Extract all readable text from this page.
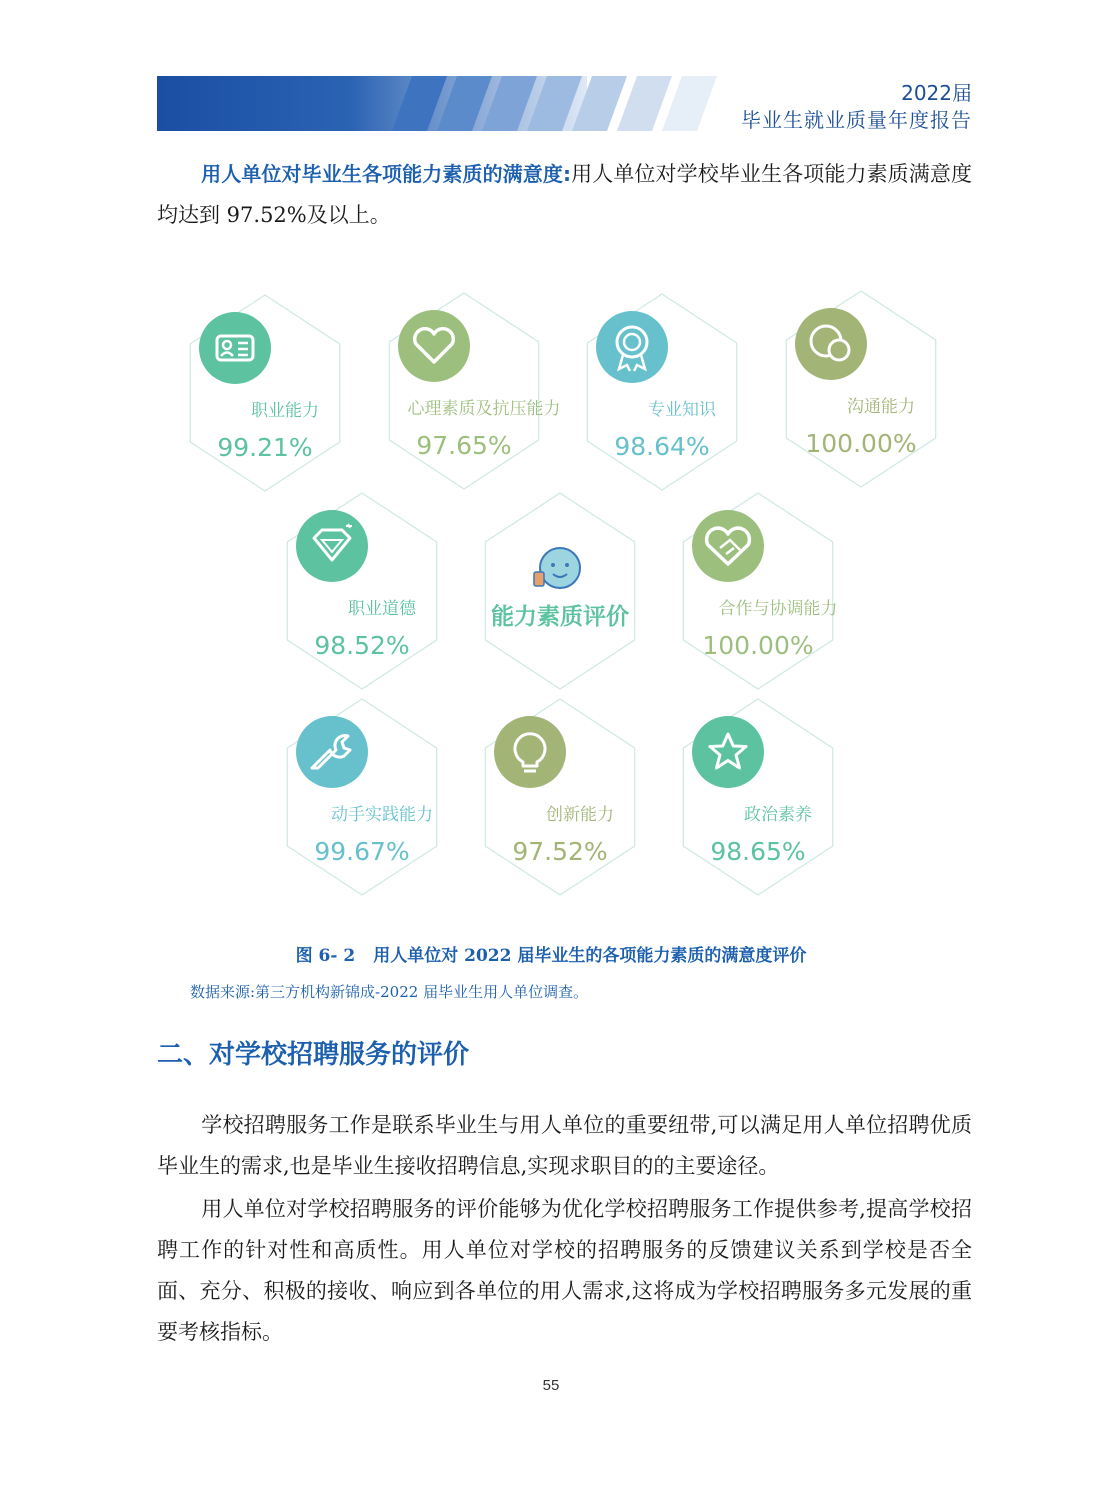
2022届
毕业生就业质量年度报告
用人单位对毕业生各项能力素质的满意度:用人单位对学校毕业生各项能力素质满意度均达到 97.52%及以上。
职业能力
99.21%
心理素质及抗压能力
97.65%
专业知识
98.64%
沟通能力
100.00%
职业道德
98.52%
合作与协调能力
100.00%
动手实践能力
99.67%
创新能力
97.52%
政治素养
98.65%
能力素质评价
图 6- 2 用人单位对 2022 届毕业生的各项能力素质的满意度评价
数据来源:第三方机构新锦成-2022 届毕业生用人单位调查。
二、对学校招聘服务的评价
学校招聘服务工作是联系毕业生与用人单位的重要纽带,可以满足用人单位招聘优质毕业生的需求,也是毕业生接收招聘信息,实现求职目的的主要途径。
用人单位对学校招聘服务的评价能够为优化学校招聘服务工作提供参考,提高学校招聘工作的针对性和高质性。用人单位对学校的招聘服务的反馈建议关系到学校是否全面、充分、积极的接收、响应到各单位的用人需求,这将成为学校招聘服务多元发展的重要考核指标。
55
